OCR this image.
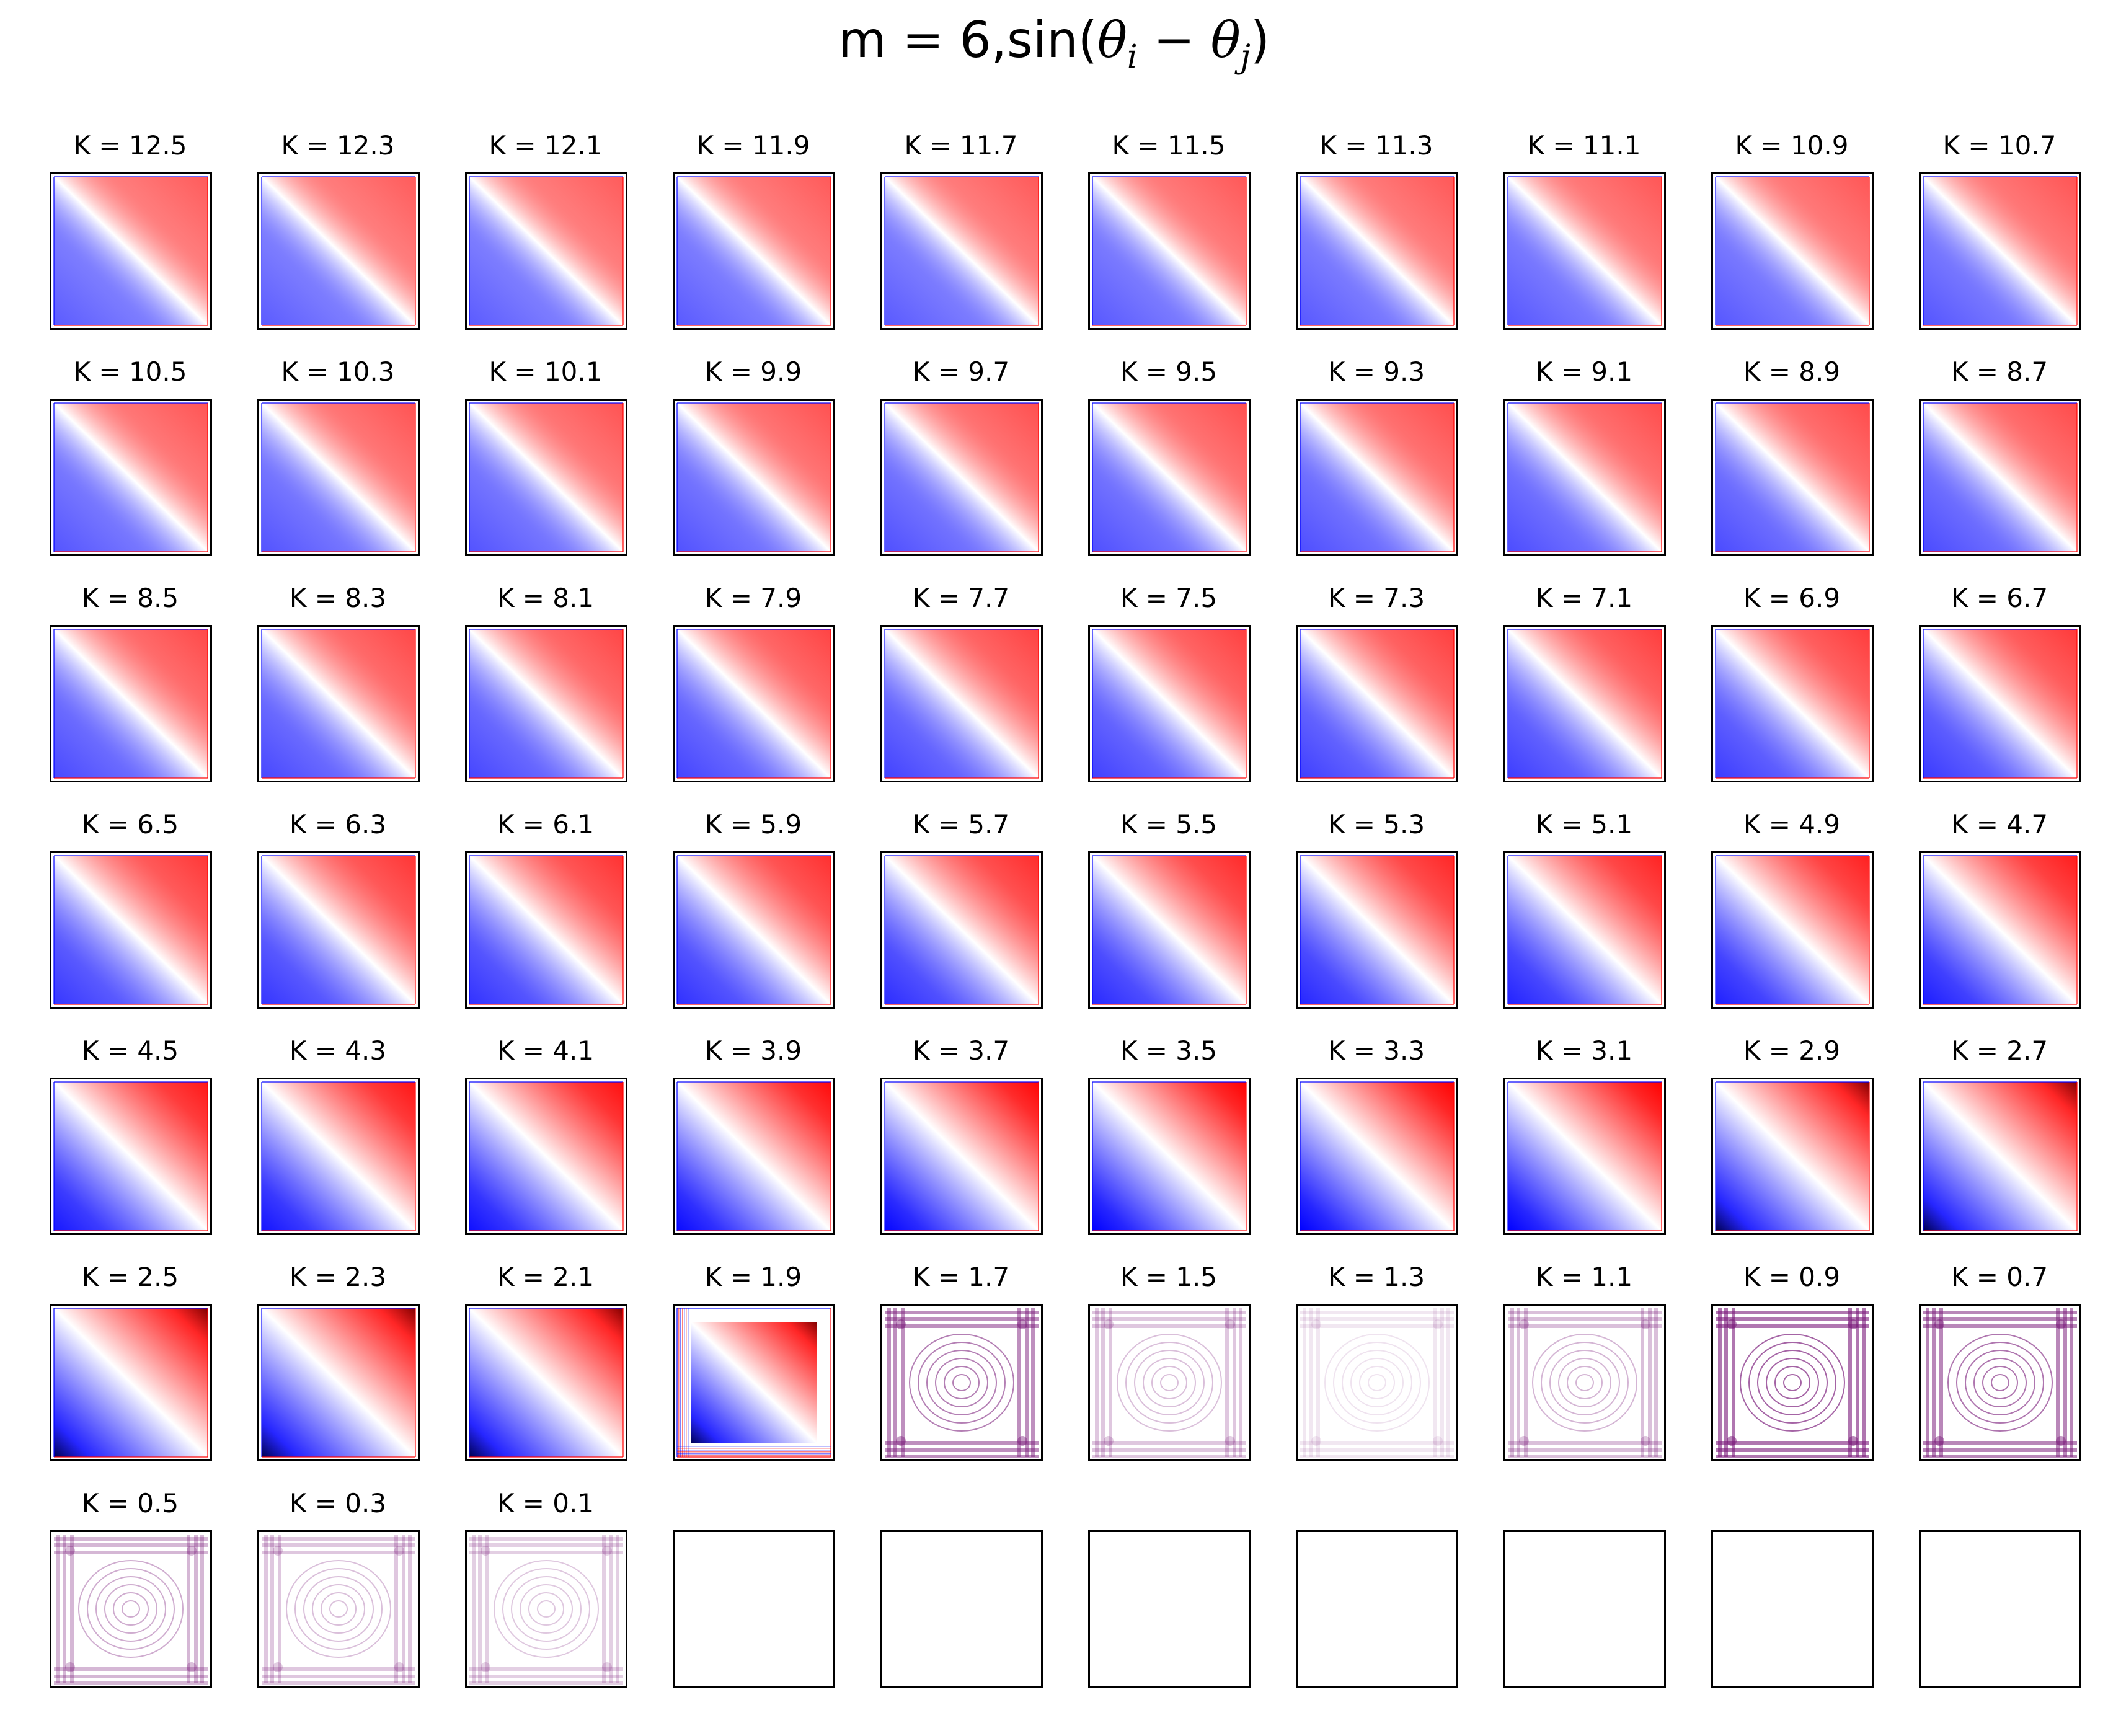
$m = 6,\sin(\theta_i - \theta_j)$
K = 12.5	K = 12.3	K = 12.1	K = 11.9	K = 11.7	K = 11.5	K = 11.3	K = 11.1	K = 10.9	K = 10.7
K = 10.5	K = 10.3	K = 10.1	K = 9.9	K = 9.7	K = 9.5	K = 9.3	K = 9.1	K = 8.9	K = 8.7
K = 8.5	K = 8.3	K = 8.1	K = 7.9	K = 7.7	K = 7.5	K = 7.3	K = 7.1	K = 6.9	K = 6.7
K = 6.5	K = 6.3	K = 6.1	K = 5.9	K = 5.7	K = 5.5	K = 5.3	K = 5.1	K = 4.9	K = 4.7
K = 4.5	K = 4.3	K = 4.1	K = 3.9	K = 3.7	K = 3.5	K = 3.3	K = 3.1	K = 2.9	K = 2.7
K = 2.5	K = 2.3	K = 2.1	K = 1.9	K = 1.7	K = 1.5	K = 1.3	K = 1.1	K = 0.9	K = 0.7
K = 0.5	K = 0.3	K = 0.1
